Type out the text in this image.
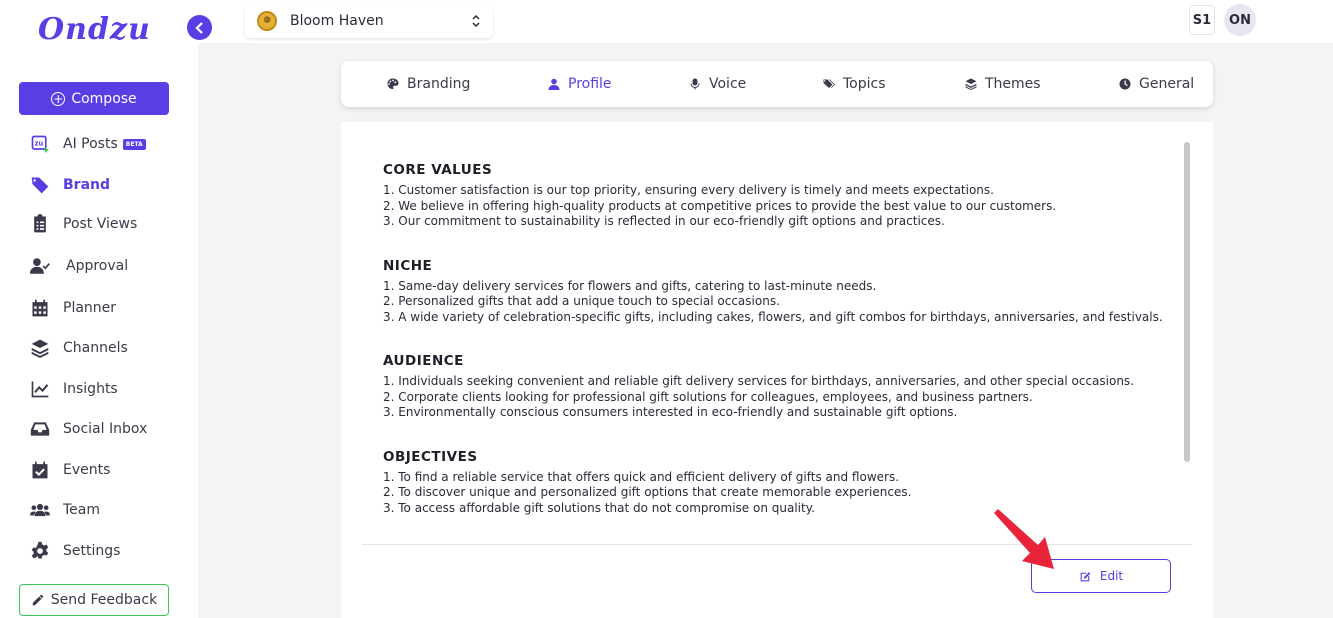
Ondzu
+ Compose
zu AI Posts	BETA
Brand
Post Views
Approval
Planner
Channels
Insights
Social Inbox
Events
Team
Settings
Send Feedback
❁	Bloom Haven	S1	ON
Branding	Profile	Voice	Topics	Themes	General
CORE VALUES

1. Customer satisfaction is our top priority, ensuring every delivery is timely and meets expectations.

2. We believe in offering high-quality products at competitive prices to provide the best value to our customers.

3. Our commitment to sustainability is reflected in our eco-friendly gift options and practices.

NICHE

1. Same-day delivery services for flowers and gifts, catering to last-minute needs.

2. Personalized gifts that add a unique touch to special occasions.

3. A wide variety of celebration-specific gifts, including cakes, flowers, and gift combos for birthdays, anniversaries, and festivals.

AUDIENCE

1. Individuals seeking convenient and reliable gift delivery services for birthdays, anniversaries, and other special occasions.

2. Corporate clients looking for professional gift solutions for colleagues, employees, and business partners.

3. Environmentally conscious consumers interested in eco-friendly and sustainable gift options.

OBJECTIVES

1. To find a reliable service that offers quick and efficient delivery of gifts and flowers.

2. To discover unique and personalized gift options that create memorable experiences.

3. To access affordable gift solutions that do not compromise on quality.

Edit
